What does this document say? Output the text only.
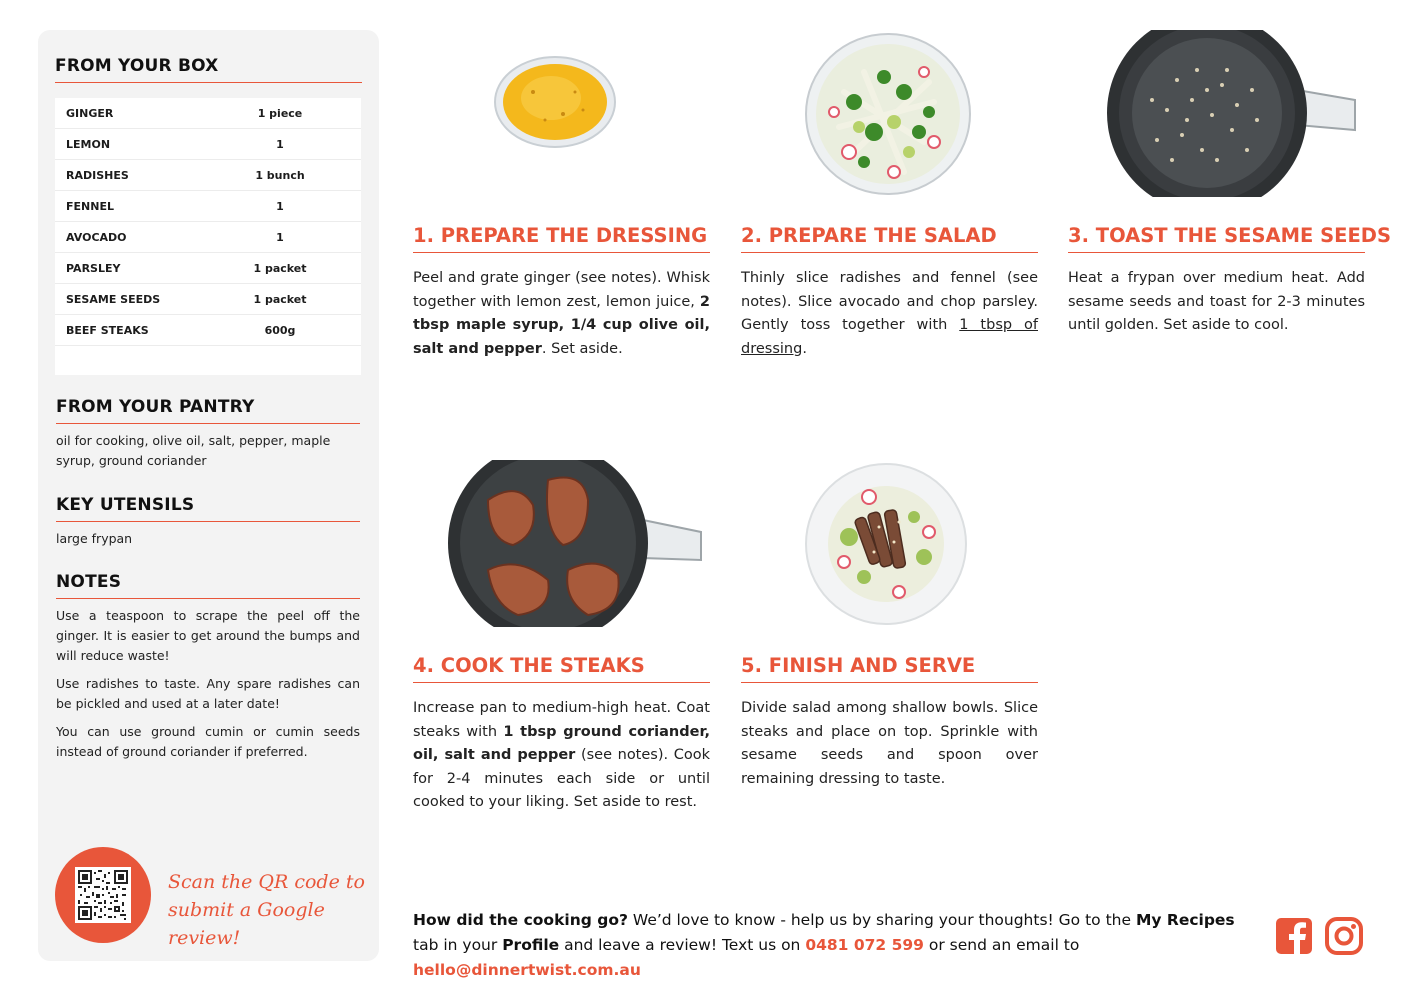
FROM YOUR BOX
GINGER	1 piece
LEMON	1
RADISHES	1 bunch
FENNEL	1
AVOCADO	1
PARSLEY	1 packet
SESAME SEEDS	1 packet
BEEF STEAKS	600g
FROM YOUR PANTRY
oil for cooking, olive oil, salt, pepper, maple syrup, ground coriander
KEY UTENSILS
large frypan
NOTES

Use a teaspoon to scrape the peel off the ginger. It is easier to get around the bumps and will reduce waste!

Use radishes to taste. Any spare radishes can be pickled and used at a later date!

You can use ground cumin or cumin seeds instead of ground coriander if preferred.

Scan the QR code to
submit a Google review!
1. PREPARE THE DRESSING
Peel and grate ginger (see notes). Whisk together with lemon zest, lemon juice, 2 tbsp maple syrup, 1/4 cup olive oil, salt and pepper. Set aside.
2. PREPARE THE SALAD
Thinly slice radishes and fennel (see notes). Slice avocado and chop parsley. Gently toss together with 1 tbsp of dressing.
3. TOAST THE SESAME SEEDS
Heat a frypan over medium heat. Add sesame seeds and toast for 2-3 minutes until golden. Set aside to cool.
4. COOK THE STEAKS
Increase pan to medium-high heat. Coat steaks with 1 tbsp ground coriander, oil, salt and pepper (see notes). Cook for 2-4 minutes each side or until cooked to your liking. Set aside to rest.
5. FINISH AND SERVE
Divide salad among shallow bowls. Slice steaks and place on top. Sprinkle with sesame seeds and spoon over remaining dressing to taste.
How did the cooking go? We’d love to know - help us by sharing your thoughts! Go to the My Recipes tab in your Profile and leave a review! Text us on 0481 072 599 or send an email to hello@dinnertwist.com.au
